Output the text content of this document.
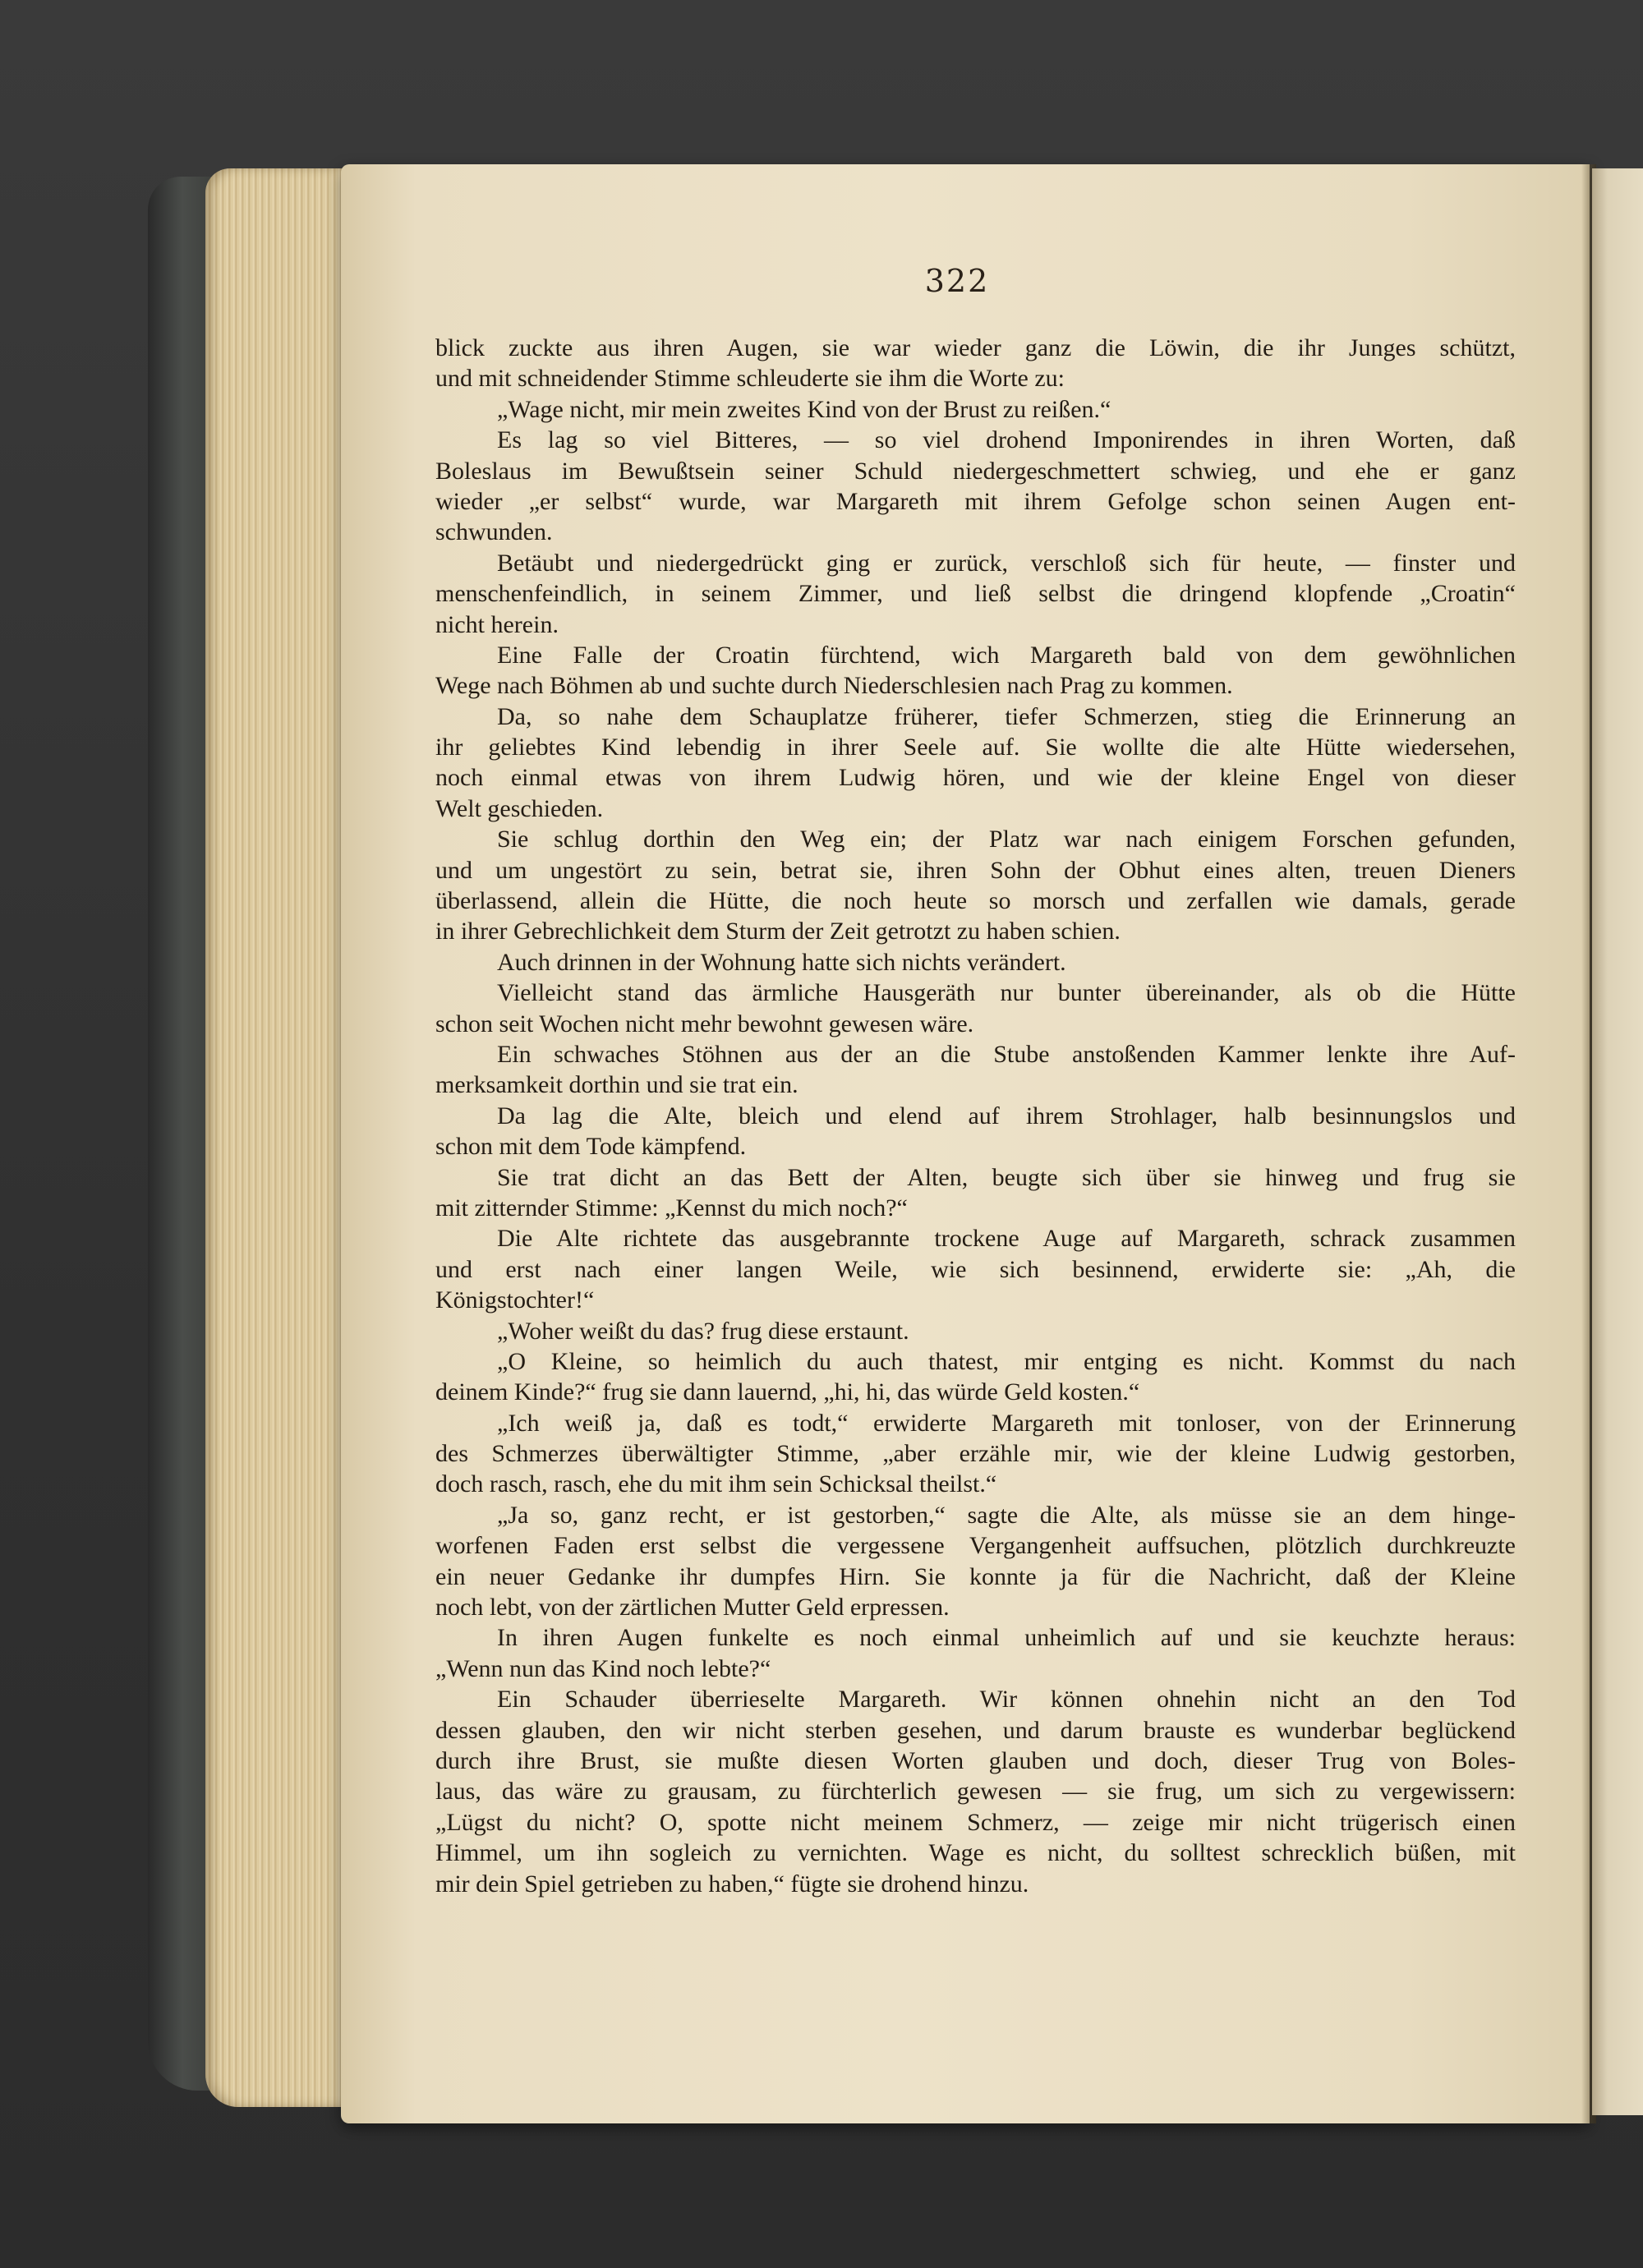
322
blick zuckte aus ihren Augen, sie war wieder ganz die Löwin, die ihr Junges schützt,
und mit schneidender Stimme schleuderte sie ihm die Worte zu:
„Wage nicht, mir mein zweites Kind von der Brust zu reißen.“
Es lag so viel Bitteres, — so viel drohend Imponirendes in ihren Worten, daß
Boleslaus im Bewußtsein seiner Schuld niedergeschmettert schwieg, und ehe er ganz
wieder „er selbst“ wurde, war Margareth mit ihrem Gefolge schon seinen Augen ent-
schwunden.
Betäubt und niedergedrückt ging er zurück, verschloß sich für heute, — finster und
menschenfeindlich, in seinem Zimmer, und ließ selbst die dringend klopfende „Croatin“
nicht herein.
Eine Falle der Croatin fürchtend, wich Margareth bald von dem gewöhnlichen
Wege nach Böhmen ab und suchte durch Niederschlesien nach Prag zu kommen.
Da, so nahe dem Schauplatze früherer, tiefer Schmerzen, stieg die Erinnerung an
ihr geliebtes Kind lebendig in ihrer Seele auf. Sie wollte die alte Hütte wiedersehen,
noch einmal etwas von ihrem Ludwig hören, und wie der kleine Engel von dieser
Welt geschieden.
Sie schlug dorthin den Weg ein; der Platz war nach einigem Forschen gefunden,
und um ungestört zu sein, betrat sie, ihren Sohn der Obhut eines alten, treuen Dieners
überlassend, allein die Hütte, die noch heute so morsch und zerfallen wie damals, gerade
in ihrer Gebrechlichkeit dem Sturm der Zeit getrotzt zu haben schien.
Auch drinnen in der Wohnung hatte sich nichts verändert.
Vielleicht stand das ärmliche Hausgeräth nur bunter übereinander, als ob die Hütte
schon seit Wochen nicht mehr bewohnt gewesen wäre.
Ein schwaches Stöhnen aus der an die Stube anstoßenden Kammer lenkte ihre Auf-
merksamkeit dorthin und sie trat ein.
Da lag die Alte, bleich und elend auf ihrem Strohlager, halb besinnungslos und
schon mit dem Tode kämpfend.
Sie trat dicht an das Bett der Alten, beugte sich über sie hinweg und frug sie
mit zitternder Stimme: „Kennst du mich noch?“
Die Alte richtete das ausgebrannte trockene Auge auf Margareth, schrack zusammen
und erst nach einer langen Weile, wie sich besinnend, erwiderte sie: „Ah, die
Königstochter!“
„Woher weißt du das? frug diese erstaunt.
„O Kleine, so heimlich du auch thatest, mir entging es nicht. Kommst du nach
deinem Kinde?“ frug sie dann lauernd, „hi, hi, das würde Geld kosten.“
„Ich weiß ja, daß es todt,“ erwiderte Margareth mit tonloser, von der Erinnerung
des Schmerzes überwältigter Stimme, „aber erzähle mir, wie der kleine Ludwig gestorben,
doch rasch, rasch, ehe du mit ihm sein Schicksal theilst.“
„Ja so, ganz recht, er ist gestorben,“ sagte die Alte, als müsse sie an dem hinge-
worfenen Faden erst selbst die vergessene Vergangenheit auffsuchen, plötzlich durchkreuzte
ein neuer Gedanke ihr dumpfes Hirn. Sie konnte ja für die Nachricht, daß der Kleine
noch lebt, von der zärtlichen Mutter Geld erpressen.
In ihren Augen funkelte es noch einmal unheimlich auf und sie keuchzte heraus:
„Wenn nun das Kind noch lebte?“
Ein Schauder überrieselte Margareth. Wir können ohnehin nicht an den Tod
dessen glauben, den wir nicht sterben gesehen, und darum brauste es wunderbar beglückend
durch ihre Brust, sie mußte diesen Worten glauben und doch, dieser Trug von Boles-
laus, das wäre zu grausam, zu fürchterlich gewesen — sie frug, um sich zu vergewissern:
„Lügst du nicht? O, spotte nicht meinem Schmerz, — zeige mir nicht trügerisch einen
Himmel, um ihn sogleich zu vernichten. Wage es nicht, du solltest schrecklich büßen, mit
mir dein Spiel getrieben zu haben,“ fügte sie drohend hinzu.
